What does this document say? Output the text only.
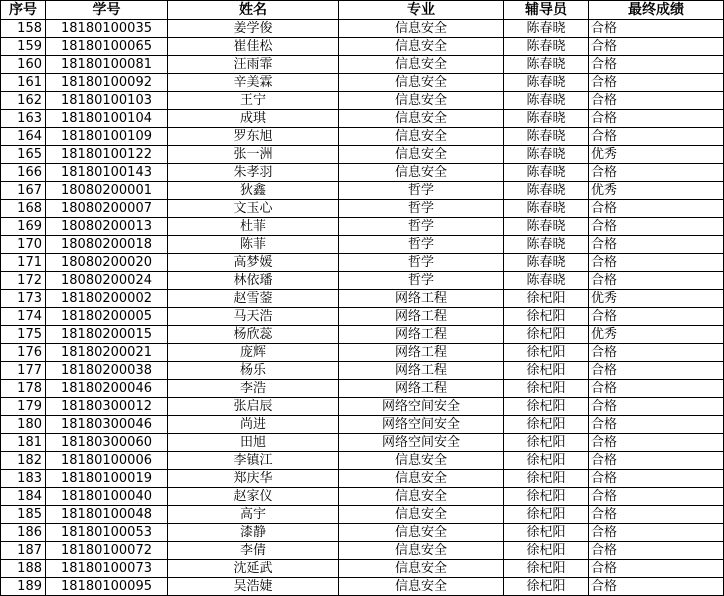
序号	学号	姓名	专业	辅导员	最终成绩
158	18180100035	姜学俊	信息安全	陈春晓	合格
159	18180100065	崔佳松	信息安全	陈春晓	合格
160	18180100081	汪雨霏	信息安全	陈春晓	合格
161	18180100092	辛美霖	信息安全	陈春晓	合格
162	18180100103	王宁	信息安全	陈春晓	合格
163	18180100104	成琪	信息安全	陈春晓	合格
164	18180100109	罗东旭	信息安全	陈春晓	合格
165	18180100122	张一洲	信息安全	陈春晓	优秀
166	18180100143	朱孝羽	信息安全	陈春晓	合格
167	18080200001	狄鑫	哲学	陈春晓	优秀
168	18080200007	文玉心	哲学	陈春晓	合格
169	18080200013	杜菲	哲学	陈春晓	合格
170	18080200018	陈菲	哲学	陈春晓	合格
171	18080200020	高梦媛	哲学	陈春晓	合格
172	18080200024	林依璠	哲学	陈春晓	合格
173	18180200002	赵雪蓥	网络工程	徐杞阳	优秀
174	18180200005	马天浩	网络工程	徐杞阳	合格
175	18180200015	杨欣蕊	网络工程	徐杞阳	优秀
176	18180200021	庞辉	网络工程	徐杞阳	合格
177	18180200038	杨乐	网络工程	徐杞阳	合格
178	18180200046	李浩	网络工程	徐杞阳	合格
179	18180300012	张启辰	网络空间安全	徐杞阳	合格
180	18180300046	尚进	网络空间安全	徐杞阳	合格
181	18180300060	田旭	网络空间安全	徐杞阳	合格
182	18180100006	李镇江	信息安全	徐杞阳	合格
183	18180100019	郑庆华	信息安全	徐杞阳	合格
184	18180100040	赵家仪	信息安全	徐杞阳	合格
185	18180100048	高宇	信息安全	徐杞阳	合格
186	18180100053	漆静	信息安全	徐杞阳	合格
187	18180100072	李倩	信息安全	徐杞阳	合格
188	18180100073	沈延武	信息安全	徐杞阳	合格
189	18180100095	吴浩婕	信息安全	徐杞阳	合格
